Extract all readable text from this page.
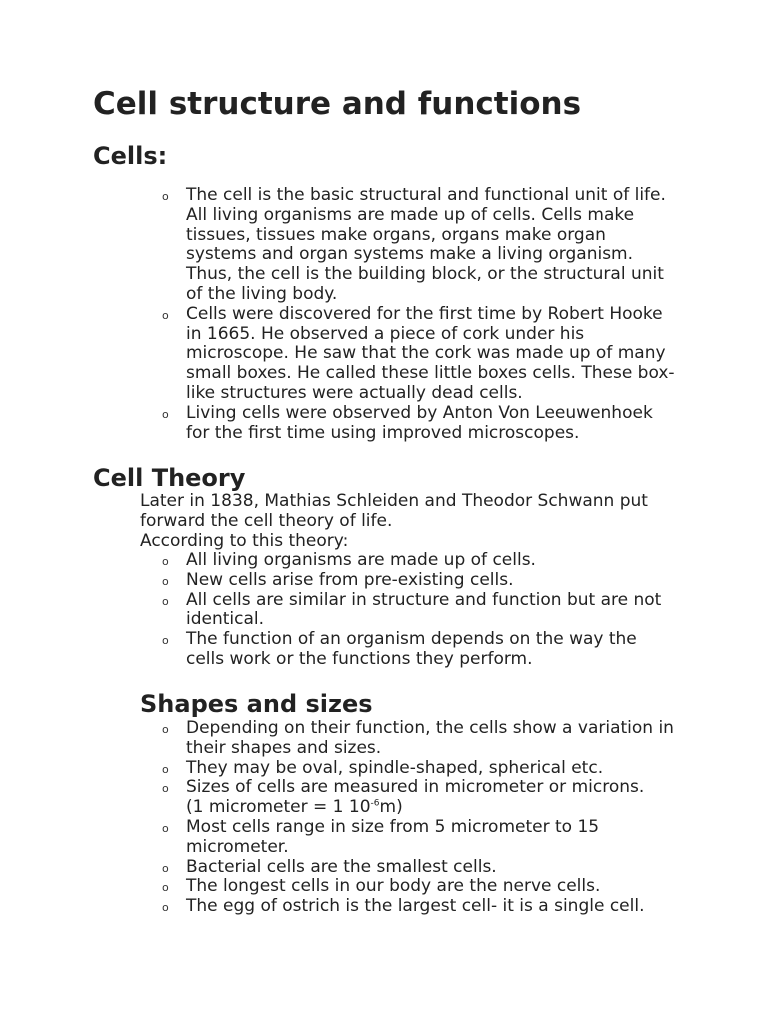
Cell structure and functions
Cells:
o The cell is the basic structural and functional unit of life. All living organisms are made up of cells. Cells make tissues, tissues make organs, organs make organ systems and organ systems make a living organism. Thus, the cell is the building block, or the structural unit of the living body.
o Cells were discovered for the first time by Robert Hooke in 1665. He observed a piece of cork under his microscope. He saw that the cork was made up of many small boxes. He called these little boxes cells. These box-like structures were actually dead cells.
o Living cells were observed by Anton Von Leeuwenhoek for the first time using improved microscopes.
Cell Theory

Later in 1838, Mathias Schleiden and Theodor Schwann put forward the cell theory of life.

According to this theory:

o All living organisms are made up of cells.
o New cells arise from pre-existing cells.
o All cells are similar in structure and function but are not identical.
o The function of an organism depends on the way the cells work or the functions they perform.
Shapes and sizes
o Depending on their function, the cells show a variation in their shapes and sizes.
o They may be oval, spindle-shaped, spherical etc.
o Sizes of cells are measured in micrometer or microns.
(1 micrometer = 1 $10^{-6}m$)
o Most cells range in size from 5 micrometer to 15 micrometer.
o Bacterial cells are the smallest cells.
o The longest cells in our body are the nerve cells.
o The egg of ostrich is the largest cell- it is a single cell.
